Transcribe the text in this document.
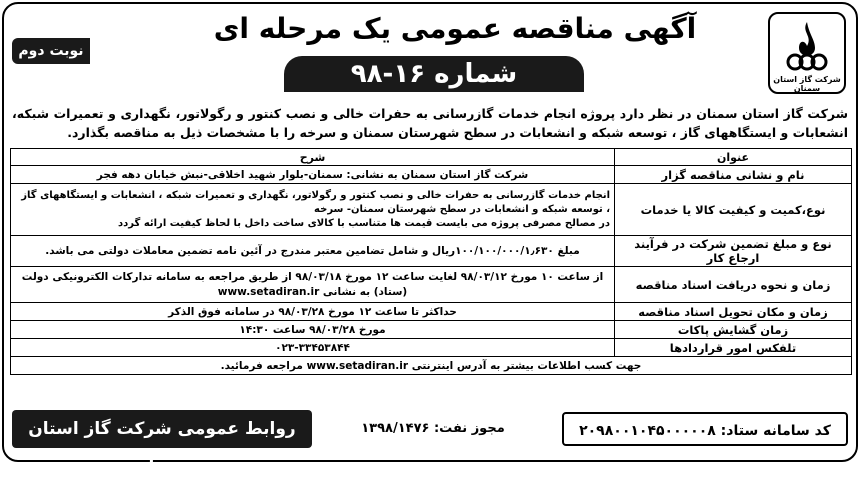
شرکت گاز استان سمنان
آگهی مناقصه عمومی یک مرحله ای
شماره ۱۶-۹۸
نوبت دوم
شرکت گاز استان سمنان در نظر دارد پروژه انجام خدمات گازرسانی به حفرات خالی و نصب کنتور و رگولاتور، نگهداری و تعمیرات شبکه، انشعابات و ایستگاههای گاز ، توسعه شبکه و انشعابات در سطح شهرستان سمنان و سرخه را با مشخصات ذیل به مناقصه بگذارد.
عنوان	شرح
نام و نشانی مناقصه گزار	شرکت گاز استان سمنان به نشانی: سمنان-بلوار شهید اخلاقی-نبش خیابان دهه فجر
نوع،کمیت و کیفیت کالا یا خدمات	انجام خدمات گازرسانی به حفرات خالی و نصب کنتور و رگولاتور، نگهداری و تعمیرات شبکه ، انشعابات و ایستگاههای گاز ، توسعه شبکه و انشعابات در سطح شهرستان سمنان- سرخه
در مصالح مصرفی پروژه می بایست قیمت ها متناسب با کالای ساخت داخل با لحاظ کیفیت ارائه گردد
نوع و مبلغ تضمین شرکت در فرآیند ارجاع کار	مبلغ ۱۰۰/۱۰۰/۰۰۰/۱٫۶۳۰ریال و شامل تضامین معتبر مندرج در آئین نامه تضمین معاملات دولتی می باشد.
زمان و نحوه دریافت اسناد مناقصه	از ساعت ۱۰ مورخ ۹۸/۰۳/۱۲ لغایت ساعت ۱۲ مورخ ۹۸/۰۳/۱۸ از طریق مراجعه به سامانه تدارکات الکترونیکی دولت (ستاد) به نشانی www.setadiran.ir
زمان و مکان تحویل اسناد مناقصه	حداکثر تا ساعت ۱۲ مورخ ۹۸/۰۳/۲۸ در سامانه فوق الذکر
زمان گشایش پاکات	مورخ ۹۸/۰۳/۲۸ ساعت ۱۴:۳۰
تلفکس امور قراردادها	۰۲۳-۳۳۴۵۳۸۴۴
جهت کسب اطلاعات بیشتر به آدرس اینترنتی www.setadiran.ir مراجعه فرمائید.	
کد سامانه ستاد: ۲۰۹۸۰۰۱۰۴۵۰۰۰۰۰۸
مجوز نفت: ۱۳۹۸/۱۴۷۶
روابط عمومی شرکت گاز استان سمنان
